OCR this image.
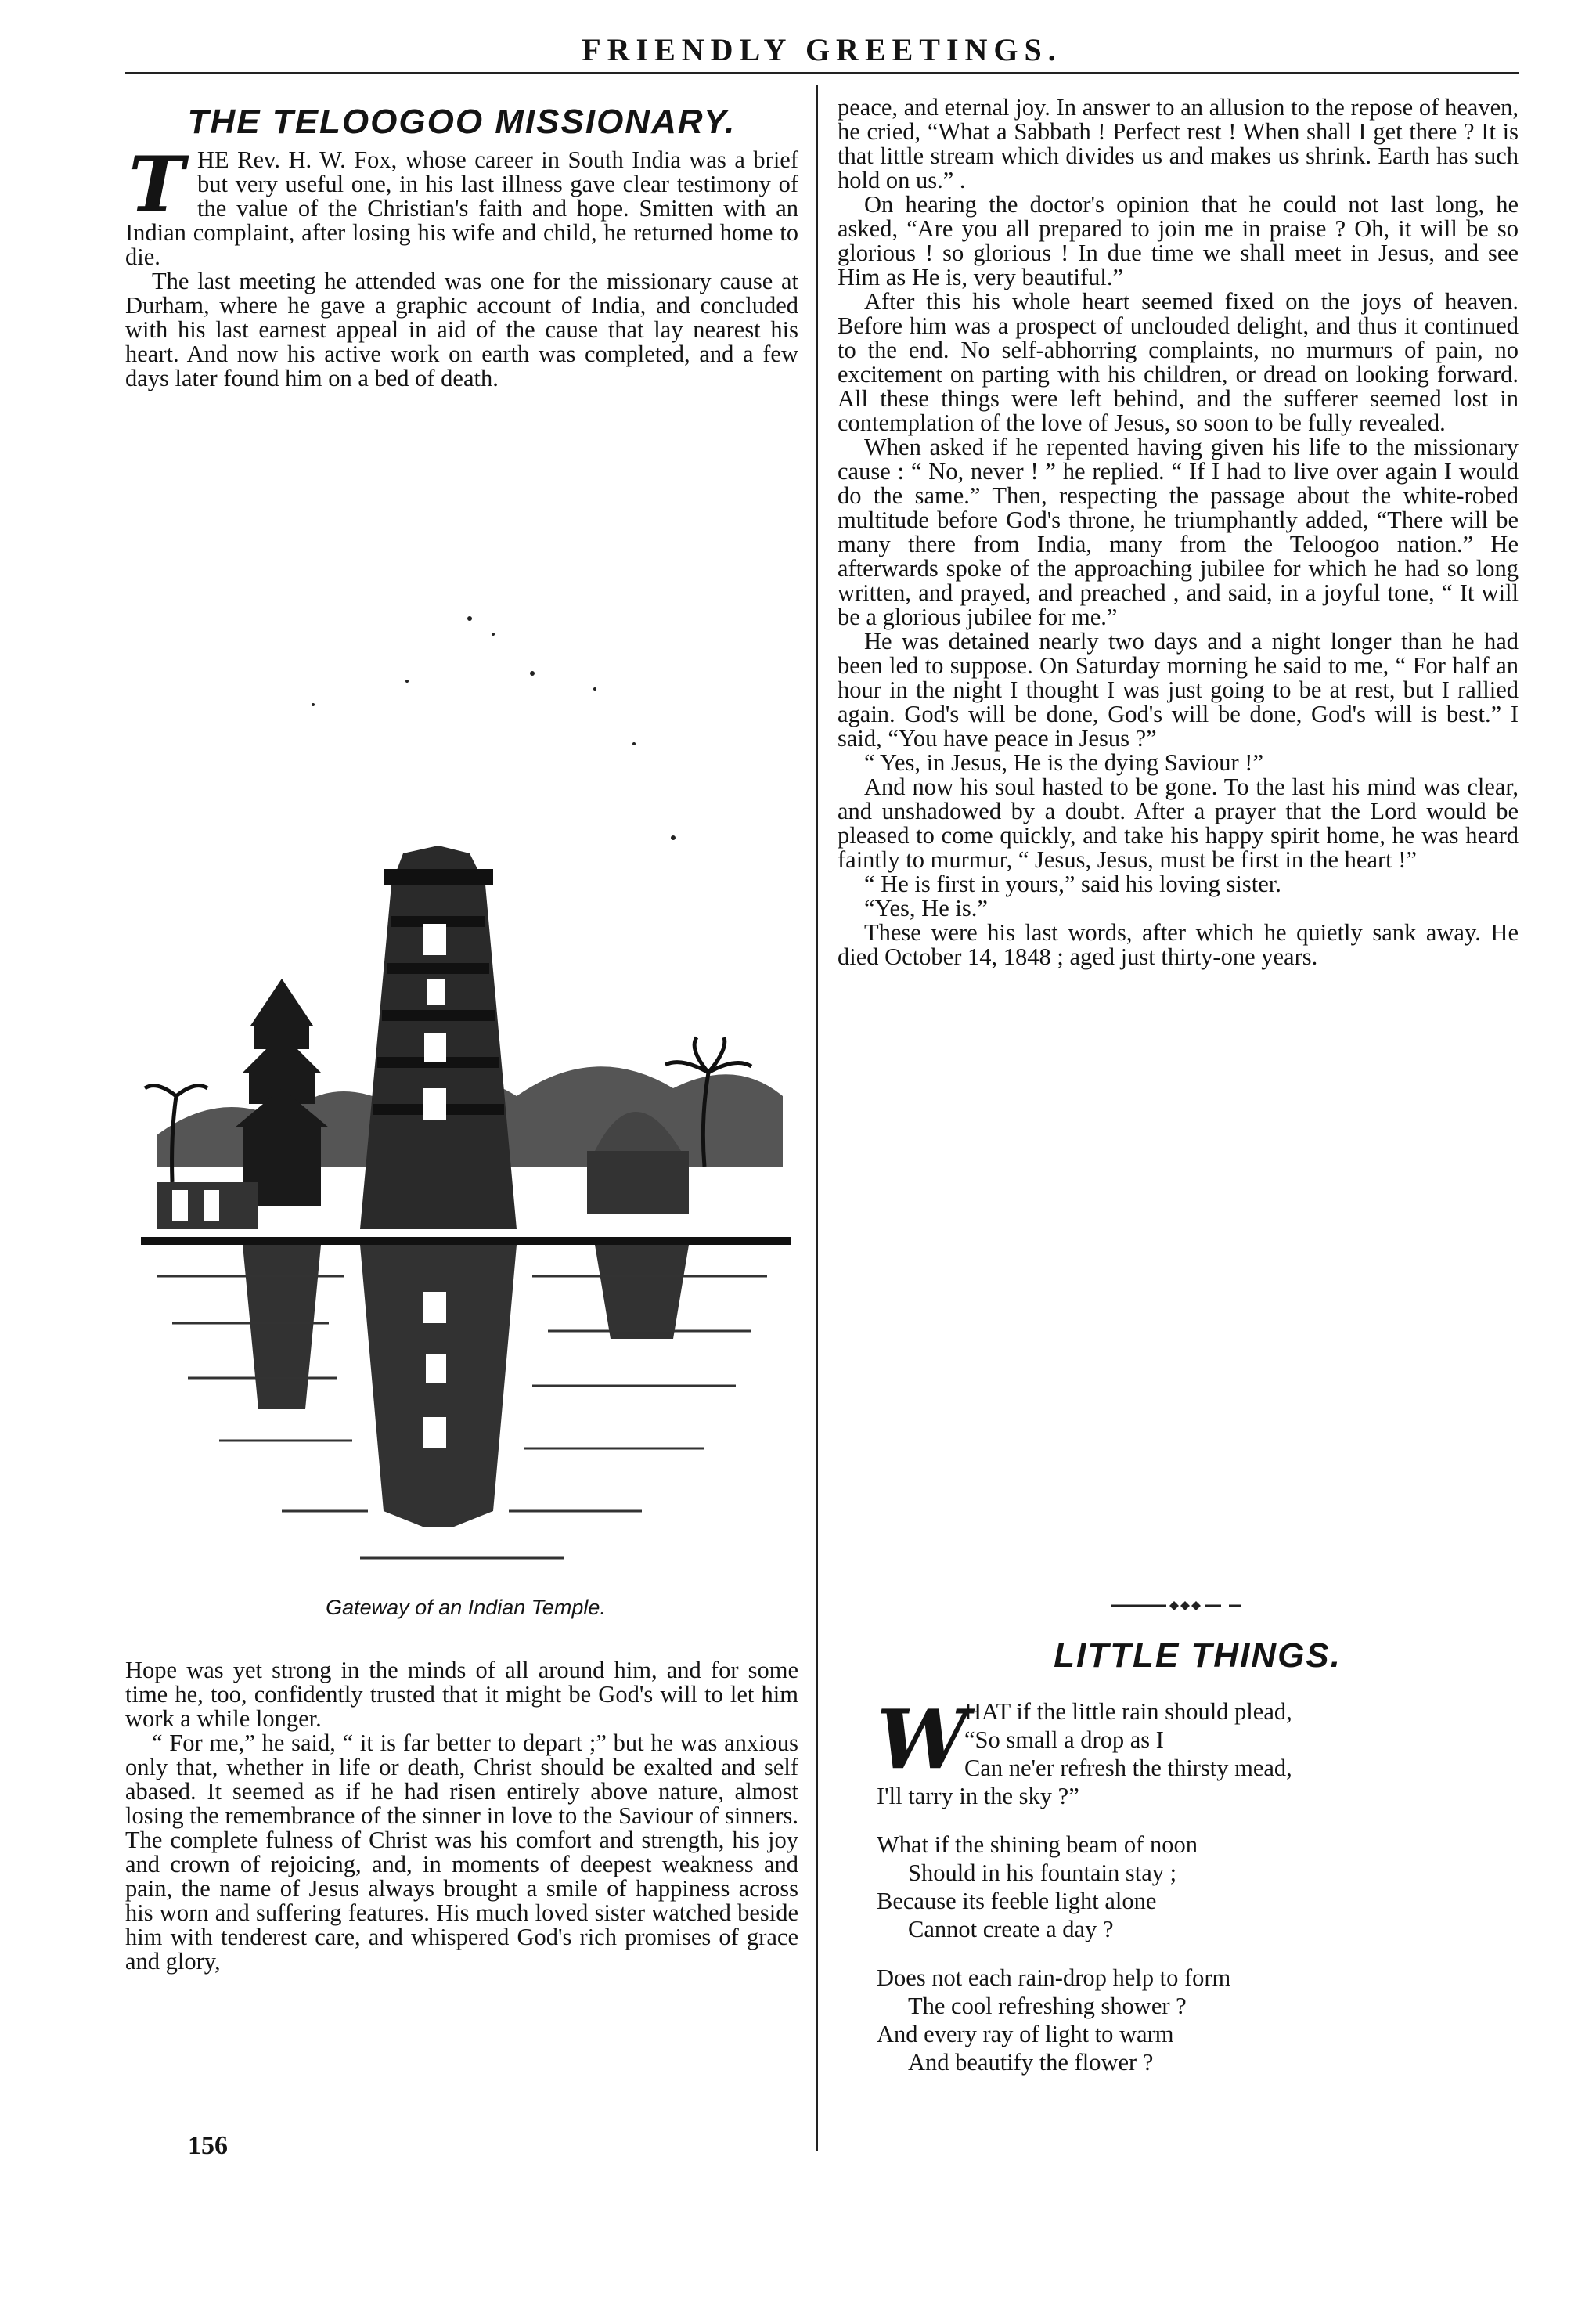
FRIENDLY GREETINGS.
THE TELOOGOO MISSIONARY.
T HE Rev. H. W. Fox, whose career in South India was a brief but very useful one, in his last illness gave clear testimony of the value of the Christian's faith and hope. Smitten with an Indian complaint, after losing his wife and child, he returned home to die.

The last meeting he attended was one for the missionary cause at Durham, where he gave a graphic account of India, and concluded with his last earnest appeal in aid of the cause that lay nearest his heart. And now his active work on earth was completed, and a few days later found him on a bed of death.

Gateway of an Indian Temple.

Hope was yet strong in the minds of all around him, and for some time he, too, confidently trusted that it might be God's will to let him work a while longer.

“ For me,” he said, “ it is far better to depart ;” but he was anxious only that, whether in life or death, Christ should be exalted and self abased. It seemed as if he had risen entirely above nature, almost losing the remembrance of the sinner in love to the Saviour of sinners. The complete fulness of Christ was his comfort and strength, his joy and crown of rejoicing, and, in moments of deepest weakness and pain, the name of Jesus always brought a smile of happiness across his worn and suffering features. His much loved sister watched beside him with tenderest care, and whispered God's rich promises of grace and glory,

156

peace, and eternal joy. In answer to an allusion to the repose of heaven, he cried, “What a Sabbath ! Perfect rest ! When shall I get there ? It is that little stream which divides us and makes us shrink. Earth has such hold on us.” .

On hearing the doctor's opinion that he could not last long, he asked, “Are you all prepared to join me in praise ? Oh, it will be so glorious ! so glorious ! In due time we shall meet in Jesus, and see Him as He is, very beautiful.”

After this his whole heart seemed fixed on the joys of heaven. Before him was a prospect of unclouded delight, and thus it continued to the end. No self-abhorring complaints, no murmurs of pain, no excitement on parting with his children, or dread on looking forward. All these things were left behind, and the sufferer seemed lost in contemplation of the love of Jesus, so soon to be fully revealed.

When asked if he repented having given his life to the missionary cause : “ No, never ! ” he replied. “ If I had to live over again I would do the same.” Then, respecting the passage about the white-robed multitude before God's throne, he triumphantly added, “There will be many there from India, many from the Teloogoo nation.” He afterwards spoke of the approaching jubilee for which he had so long written, and prayed, and preached , and said, in a joyful tone, “ It will be a glorious jubilee for me.”

He was detained nearly two days and a night longer than he had been led to suppose. On Saturday morning he said to me, “ For half an hour in the night I thought I was just going to be at rest, but I rallied again. God's will be done, God's will be done, God's will is best.” I said, “You have peace in Jesus ?”

“ Yes, in Jesus, He is the dying Saviour !”

And now his soul hasted to be gone. To the last his mind was clear, and unshadowed by a doubt. After a prayer that the Lord would be pleased to come quickly, and take his happy spirit home, he was heard faintly to murmur, “ Jesus, Jesus, must be first in the heart !”

“ He is first in yours,” said his loving sister.

“Yes, He is.”

These were his last words, after which he quietly sank away. He died October 14, 1848 ; aged just thirty-one years.

LITTLE THINGS.
W
HAT if the little rain should plead,
“So small a drop as I
Can ne'er refresh the thirsty mead,
I'll tarry in the sky ?”
What if the shining beam of noon
Should in his fountain stay ;
Because its feeble light alone
Cannot create a day ?
Does not each rain-drop help to form
The cool refreshing shower ?
And every ray of light to warm
And beautify the flower ?
